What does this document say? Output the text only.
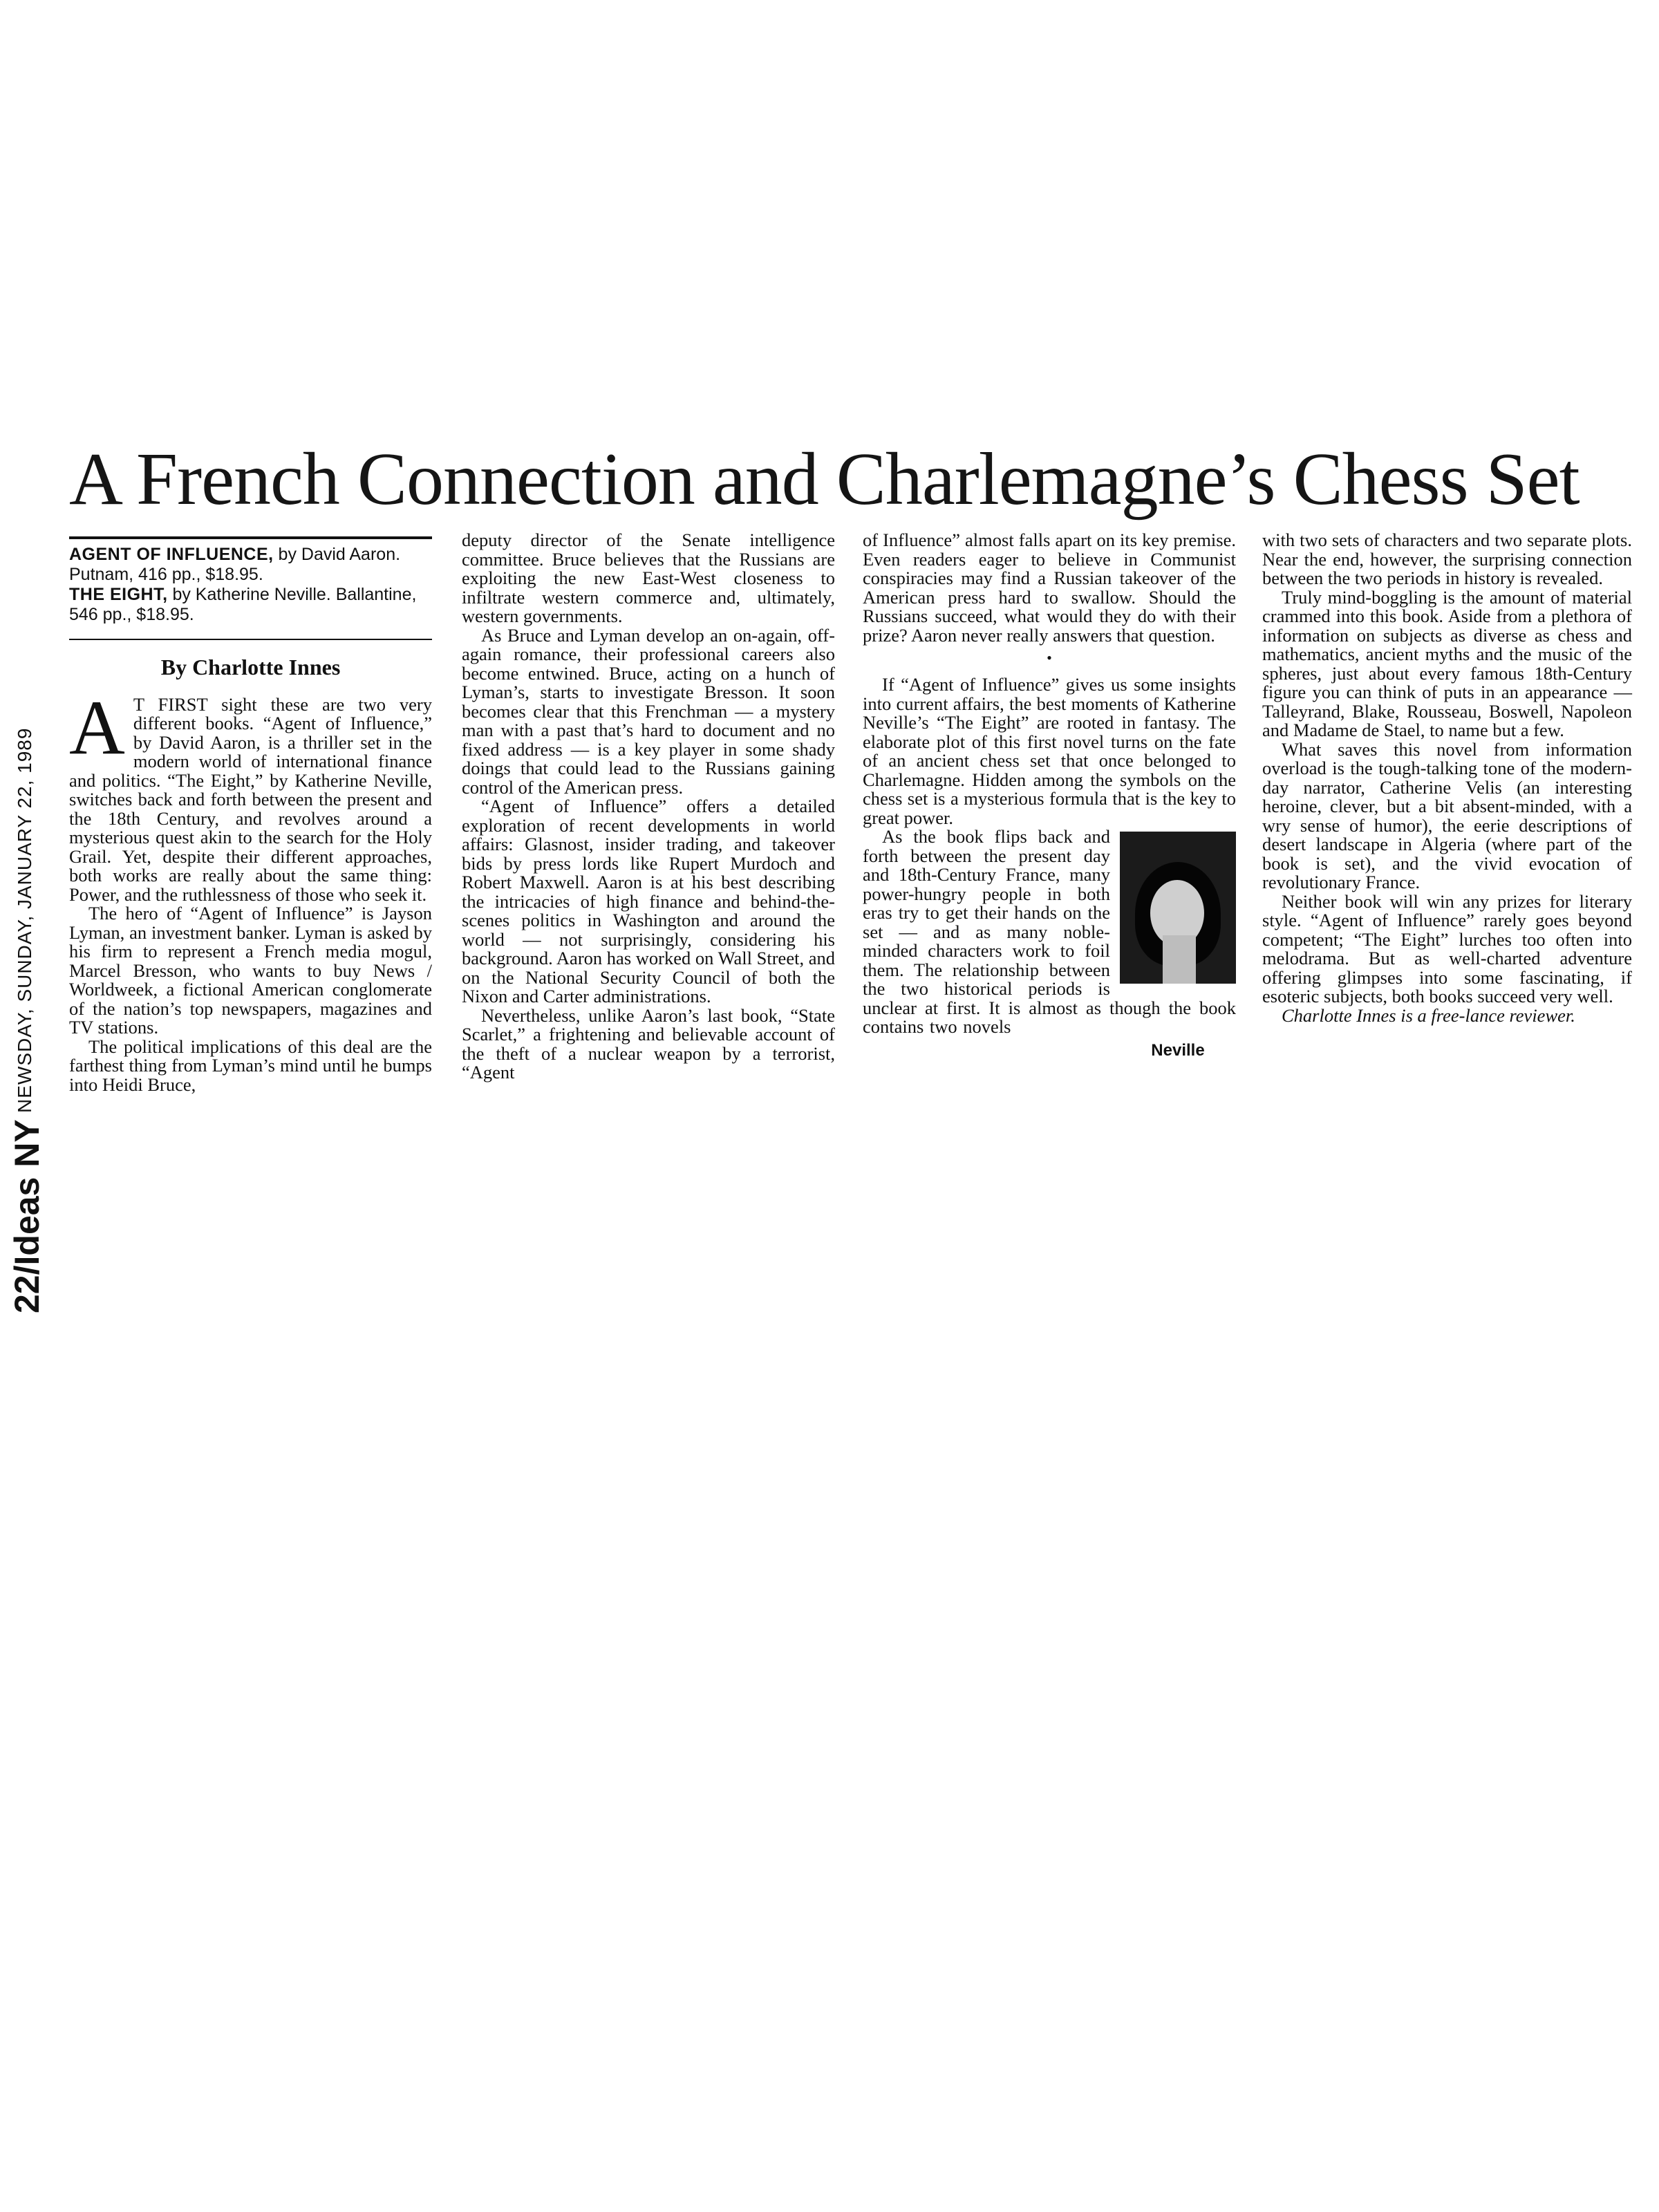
A French Connection and Charlemagne’s Chess Set
NEWSDAY, SUNDAY, JANUARY 22, 1989
22/Ideas NY
AGENT OF INFLUENCE, by David Aaron. Putnam, 416 pp., $18.95.
THE EIGHT, by Katherine Neville. Ballantine, 546 pp., $18.95.
By Charlotte Innes

A T FIRST sight these are two very different books. “Agent of Influence,” by David Aaron, is a thriller set in the modern world of international finance and politics. “The Eight,” by Katherine Neville, switches back and forth between the present and the 18th Century, and revolves around a mysterious quest akin to the search for the Holy Grail. Yet, despite their different approaches, both works are really about the same thing: Power, and the ruthlessness of those who seek it.

The hero of “Agent of Influence” is Jayson Lyman, an investment banker. Lyman is asked by his firm to represent a French media mogul, Marcel Bresson, who wants to buy News / Worldweek, a fictional American conglomerate of the nation’s top newspapers, magazines and TV stations.

The political implications of this deal are the farthest thing from Lyman’s mind until he bumps into Heidi Bruce,

deputy director of the Senate intelligence committee. Bruce believes that the Russians are exploiting the new East-West closeness to infiltrate western commerce and, ultimately, western governments.

As Bruce and Lyman develop an on-again, off-again romance, their professional careers also become entwined. Bruce, acting on a hunch of Lyman’s, starts to investigate Bresson. It soon becomes clear that this Frenchman — a mystery man with a past that’s hard to document and no fixed address — is a key player in some shady doings that could lead to the Russians gaining control of the American press.

“Agent of Influence” offers a detailed exploration of recent developments in world affairs: Glasnost, insider trading, and takeover bids by press lords like Rupert Murdoch and Robert Maxwell. Aaron is at his best describing the intricacies of high finance and behind-the-scenes politics in Washington and around the world — not surprisingly, considering his background. Aaron has worked on Wall Street, and on the National Security Council of both the Nixon and Carter administrations.

Nevertheless, unlike Aaron’s last book, “State Scarlet,” a frightening and believable account of the theft of a nuclear weapon by a terrorist, “Agent

of Influence” almost falls apart on its key premise. Even readers eager to believe in Communist conspiracies may find a Russian takeover of the American press hard to swallow. Should the Russians succeed, what would they do with their prize? Aaron never really answers that question.

•

If “Agent of Influence” gives us some insights into current affairs, the best moments of Katherine Neville’s “The Eight” are rooted in fantasy. The elaborate plot of this first novel turns on the fate of an ancient chess set that once belonged to Charlemagne. Hidden among the symbols on the chess set is a mysterious formula that is the key to great power.

As the book flips back and forth between the present day and 18th-Century France, many power-hungry people in both eras try to get their hands on the set — and as many noble-minded characters work to foil them. The relationship between the two historical periods is unclear at first. It is almost as though the book contains two novels

Neville

with two sets of characters and two separate plots. Near the end, however, the surprising connection between the two periods in history is revealed.

Truly mind-boggling is the amount of material crammed into this book. Aside from a plethora of information on subjects as diverse as chess and mathematics, ancient myths and the music of the spheres, just about every famous 18th-Century figure you can think of puts in an appearance — Talleyrand, Blake, Rousseau, Boswell, Napoleon and Madame de Stael, to name but a few.

What saves this novel from information overload is the tough-talking tone of the modern-day narrator, Catherine Velis (an interesting heroine, clever, but a bit absent-minded, with a wry sense of humor), the eerie descriptions of desert landscape in Algeria (where part of the book is set), and the vivid evocation of revolutionary France.

Neither book will win any prizes for literary style. “Agent of Influence” rarely goes beyond competent; “The Eight” lurches too often into melodrama. But as well-charted adventure offering glimpses into some fascinating, if esoteric subjects, both books succeed very well.

Charlotte Innes is a free-lance reviewer.
